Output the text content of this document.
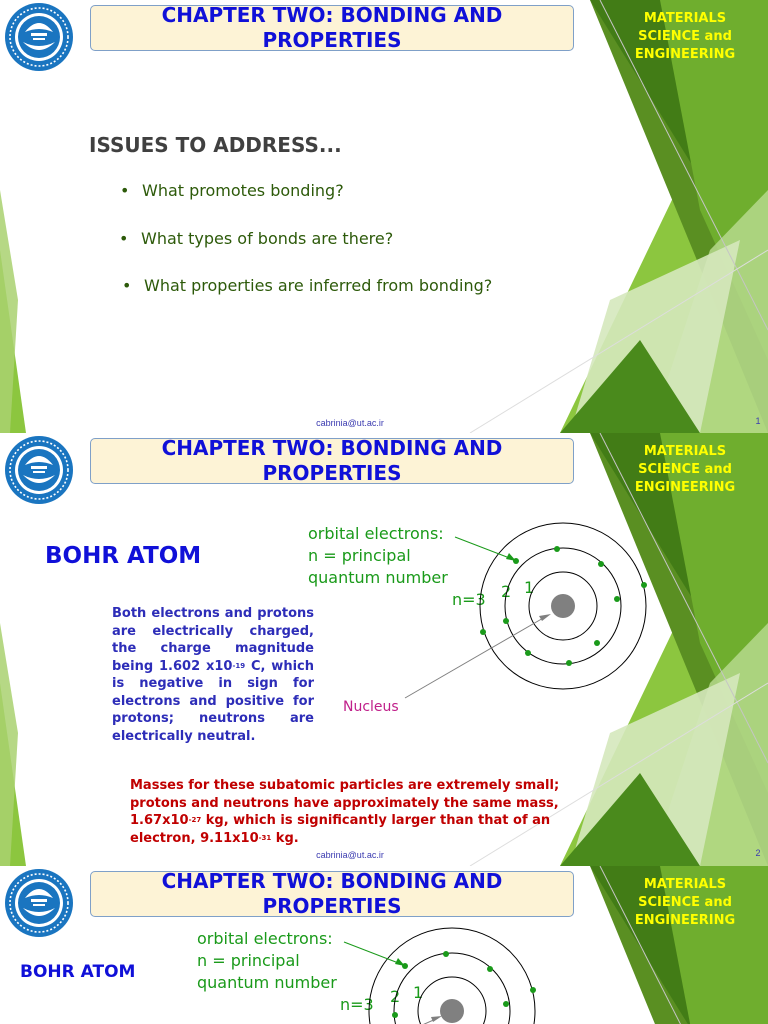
CHAPTER TWO: BONDING AND
PROPERTIES
MATERIALS
SCIENCE and
ENGINEERING
ISSUES TO ADDRESS...
• What promotes bonding?
• What types of bonds are there?
• What properties are inferred from bonding?
cabrinia@ut.ac.ir	1
CHAPTER TWO: BONDING AND
PROPERTIES
MATERIALS
SCIENCE and
ENGINEERING
BOHR ATOM
orbital electrons:
n = principal
quantum number
n=3 2 1
Nucleus
Both electrons and protons are electrically charged, the charge magnitude being 1.602 $x10^{-19}$ C, which is negative in sign for electrons and positive for protons; neutrons are electrically neutral.
Masses for these subatomic particles are extremely small; protons and neutrons have approximately the same mass, $1.67x10^{-27}$ kg, which is significantly larger than that of an electron, $9.11x10^{-31}$ kg.
cabrinia@ut.ac.ir	2
CHAPTER TWO: BONDING AND
PROPERTIES
MATERIALS
SCIENCE and
ENGINEERING
BOHR ATOM
orbital electrons:
n = principal
quantum number
n=3 2 1
